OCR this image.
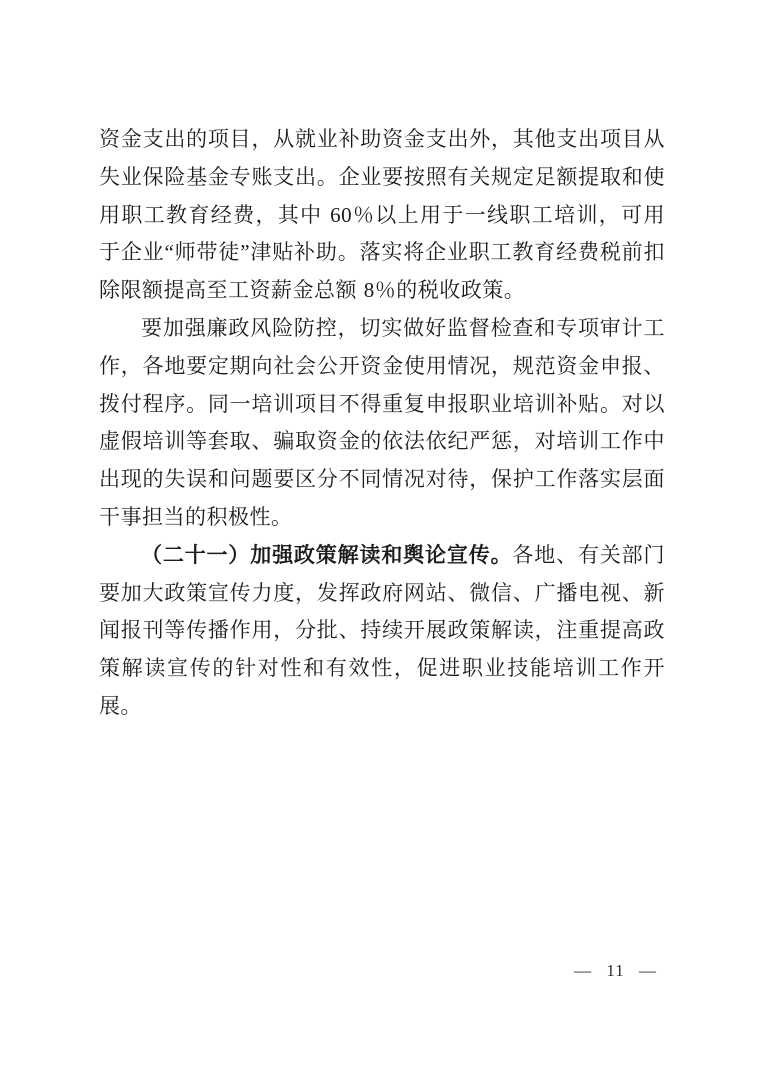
资金支出的项目，从就业补助资金支出外，其他支出项目从失业保险基金专账支出。企业要按照有关规定足额提取和使用职工教育经费，其中 60％以上用于一线职工培训，可用于企业“师带徒”津贴补助。落实将企业职工教育经费税前扣除限额提高至工资薪金总额 8％的税收政策。

要加强廉政风险防控，切实做好监督检查和专项审计工作，各地要定期向社会公开资金使用情况，规范资金申报、拨付程序。同一培训项目不得重复申报职业培训补贴。对以虚假培训等套取、骗取资金的依法依纪严惩，对培训工作中出现的失误和问题要区分不同情况对待，保护工作落实层面干事担当的积极性。

（二十一）加强政策解读和舆论宣传。各地、有关部门要加大政策宣传力度，发挥政府网站、微信、广播电视、新闻报刊等传播作用，分批、持续开展政策解读，注重提高政策解读宣传的针对性和有效性，促进职业技能培训工作开展。

— 11 —
